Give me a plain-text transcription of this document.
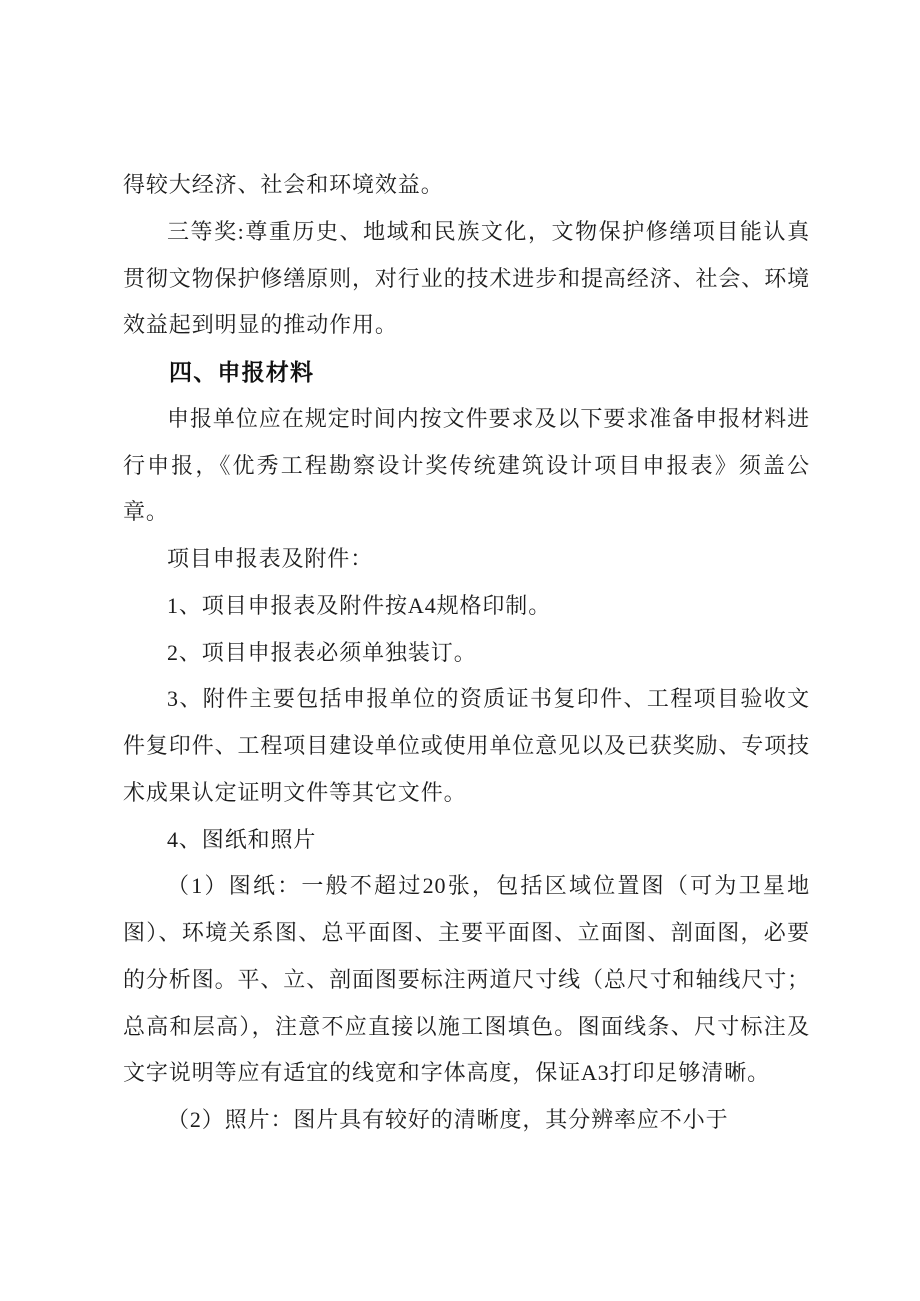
得较大经济、社会和环境效益。

三等奖:尊重历史、地域和民族文化，文物保护修缮项目能认真贯彻文物保护修缮原则，对行业的技术进步和提高经济、社会、环境效益起到明显的推动作用。

四、申报材料

申报单位应在规定时间内按文件要求及以下要求准备申报材料进行申报，《优秀工程勘察设计奖传统建筑设计项目申报表》须盖公章。

项目申报表及附件：

1、项目申报表及附件按A4规格印制。

2、项目申报表必须单独装订。

3、附件主要包括申报单位的资质证书复印件、工程项目验收文件复印件、工程项目建设单位或使用单位意见以及已获奖励、专项技术成果认定证明文件等其它文件。

4、图纸和照片

（1）图纸：一般不超过20张，包括区域位置图（可为卫星地图）、环境关系图、总平面图、主要平面图、立面图、剖面图，必要的分析图。平、立、剖面图要标注两道尺寸线（总尺寸和轴线尺寸；总高和层高），注意不应直接以施工图填色。图面线条、尺寸标注及文字说明等应有适宜的线宽和字体高度，保证A3打印足够清晰。

（2）照片：图片具有较好的清晰度，其分辨率应不小于
